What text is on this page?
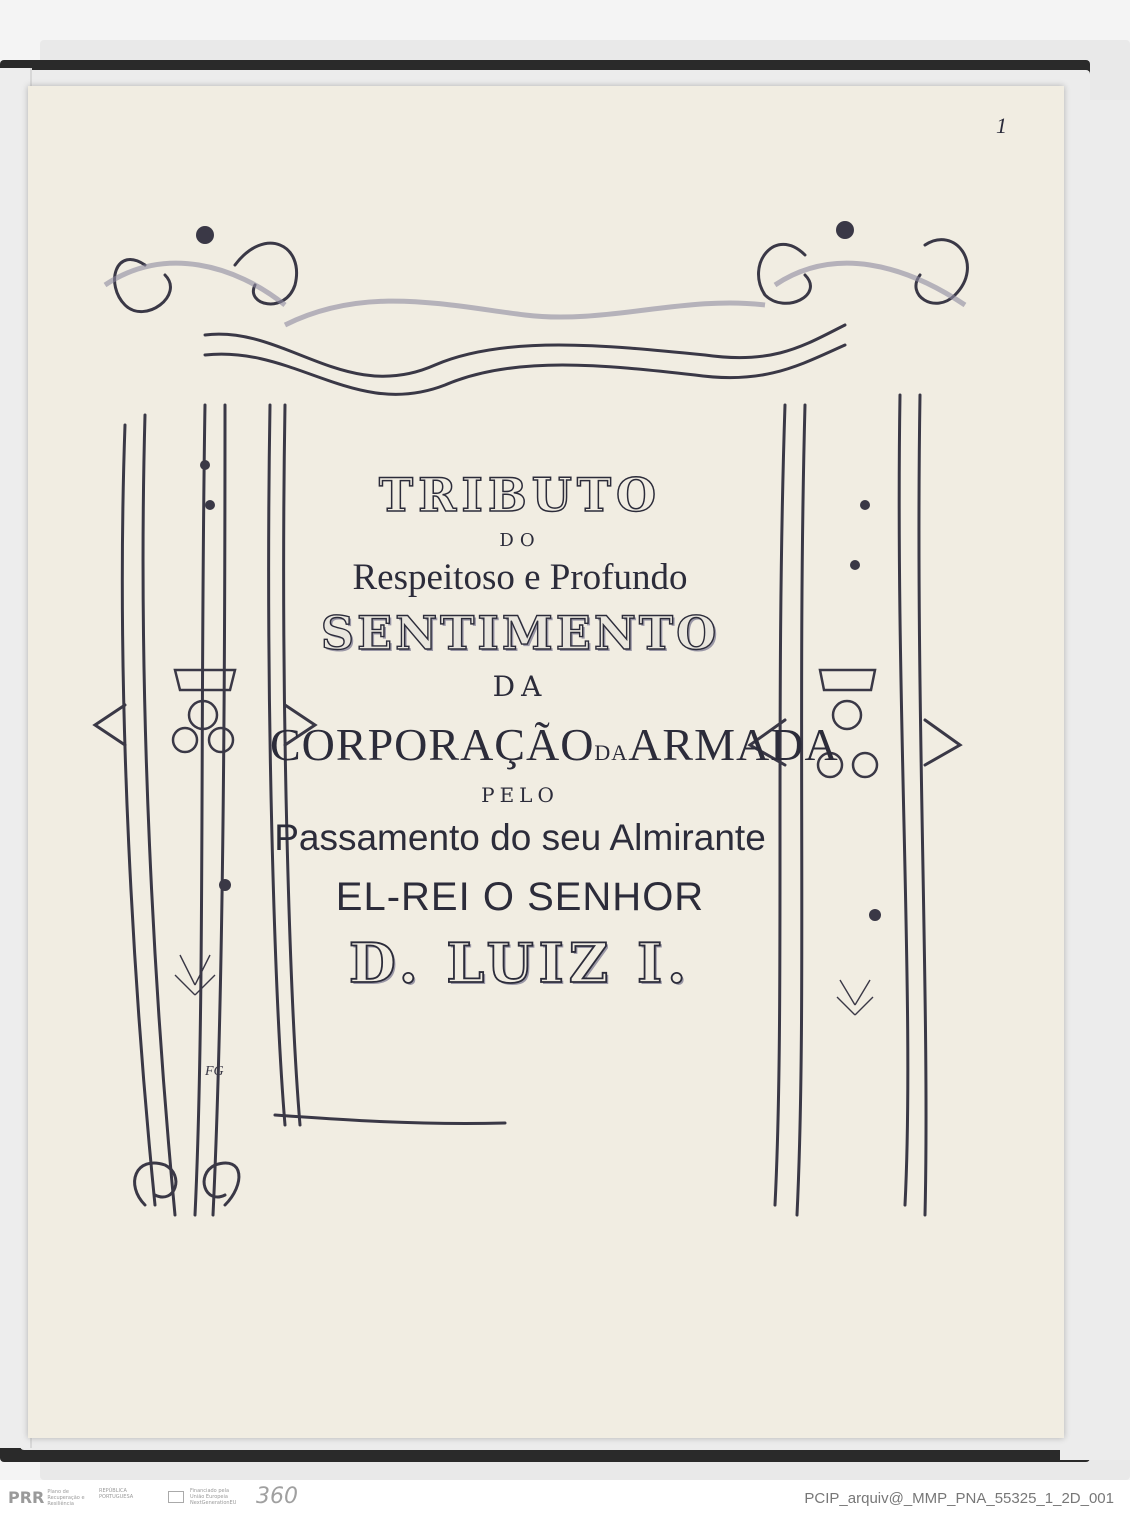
1
FG
TRIBUTO
DO
Respeitoso e Profundo
SENTIMENTO
DA
CORPORAÇÃODAARMADA
PELO
Passamento do seu Almirante
EL-REI O SENHOR
D. LUIZ I.
PRR Plano de Recuperação e Resiliência
REPÚBLICA PORTUGUESA
Financiado pela União Europeia NextGenerationEU 360	PCIP_arquiv@_MMP_PNA_55325_1_2D_001
